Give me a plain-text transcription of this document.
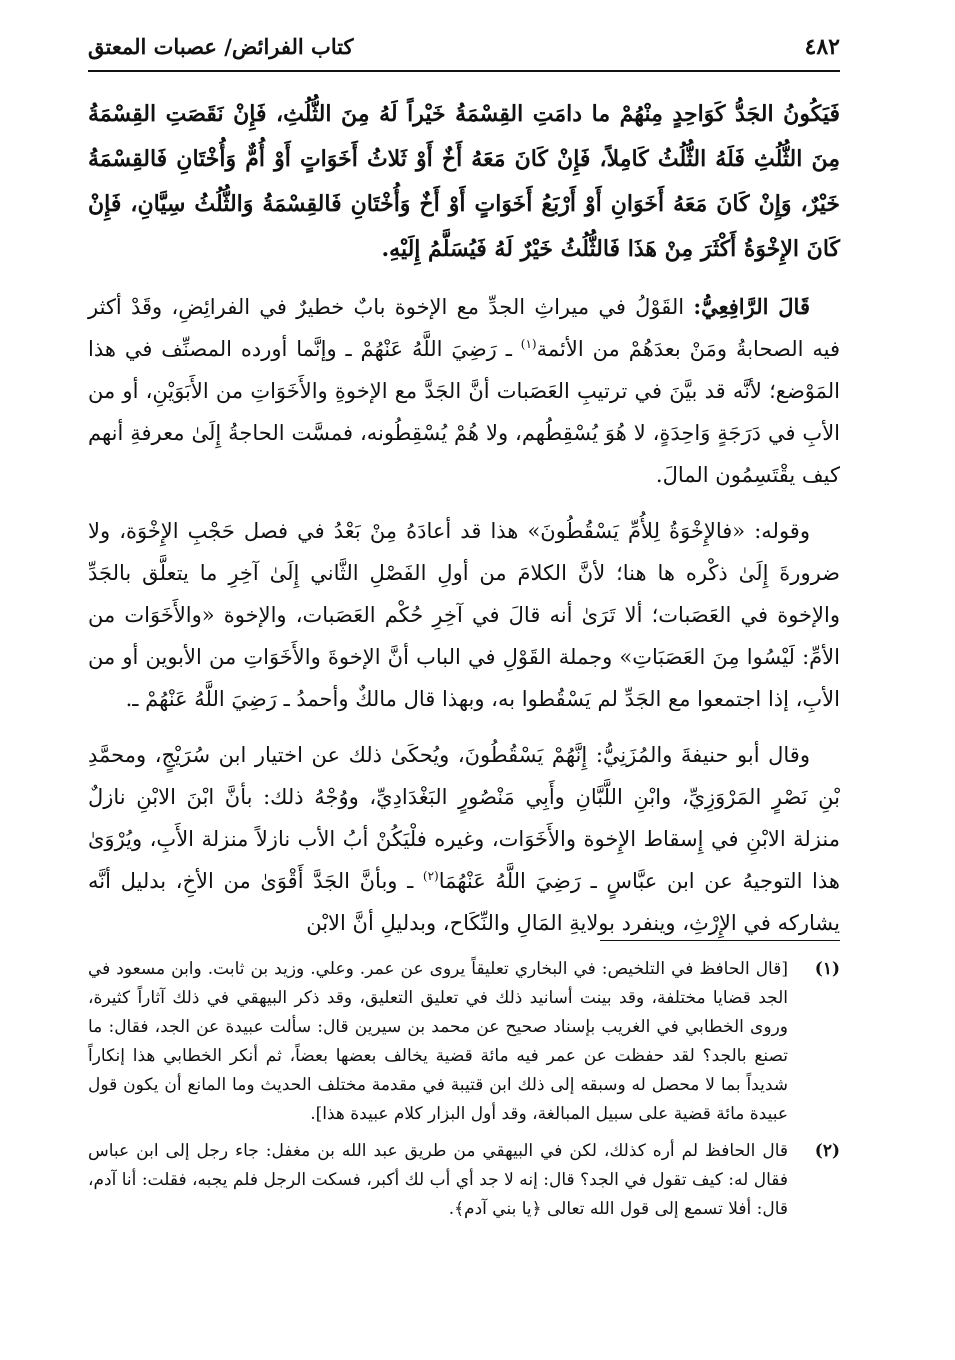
٤٨٢
كتاب الفرائض/ عصبات المعتق

فَيَكُونُ الجَدُّ كَوَاحِدٍ مِنْهُمْ ما دامَتِ القِسْمَةُ خَيْراً لَهُ مِنَ الثُّلُثِ، فَإِنْ نَقَصَتِ القِسْمَةُ مِنَ الثُّلُثِ فَلَهُ الثُّلُثُ كَامِلاً، فَإِنْ كَانَ مَعَهُ أَخٌ أَوْ ثَلاثُ أَخَوَاتٍ أَوْ أُمٌّ وَأُخْتَانِ فَالقِسْمَةُ خَيْرٌ، وَإِنْ كَانَ مَعَهُ أَخَوَانِ أَوْ أَرْبَعُ أَخَوَاتٍ أَوْ أَخٌ وَأُخْتَانِ فَالقِسْمَةُ وَالثُّلُثُ سِيَّانِ، فَإِنْ كَانَ الإِخْوَةُ أَكْثَرَ مِنْ هَذَا فَالثُّلُثُ خَيْرٌ لَهُ فَيُسَلَّمُ إِلَيْهِ.

قَالَ الرَّافِعِيُّ: القَوْلُ في ميراثِ الجدِّ مع الإخوة بابٌ خطيرٌ في الفرائِضِ، وقَدْ أكثر فيه الصحابةُ ومَنْ بعدَهُمْ من الأئمة$^{(١)}$ ـ رَضِيَ اللَّهُ عَنْهُمْ ـ وإنَّما أورده المصنِّف في هذا المَوْضع؛ لأنَّه قد بيَّنَ في ترتيبِ العَصَبات أنَّ الجَدَّ مع الإخوةِ والأَخَوَاتِ من الأَبَوَيْنِ، أو من الأبِ في دَرَجَةٍ وَاحِدَةٍ، لا هُوَ يُسْقِطُهم، ولا هُمْ يُسْقِطُونه، فمسَّت الحاجةُ إِلَىٰ معرفةِ أنهم كيف يقْتَسِمُون المالَ.

وقوله: «فالإِخْوَةُ لِلأُمِّ يَسْقُطُونَ» هذا قد أعادَهُ مِنْ بَعْدُ في فصل حَجْبِ الإِخْوَة، ولا ضرورةَ إِلَىٰ ذكْره ها هنا؛ لأنَّ الكلامَ من أولِ الفَصْلِ الثَّاني إِلَىٰ آخِرِ ما يتعلَّق بالجَدِّ والإخوة في العَصَبات؛ ألا تَرَىٰ أنه قالَ في آخِرِ حُكْم العَصَبات، والإخوة «والأَخَوَات من الأمِّ: لَيْسُوا مِنَ العَصَبَاتِ» وجملة القَوْلِ في الباب أنَّ الإخوةَ والأَخَوَاتِ من الأبوين أو من الأبِ، إذا اجتمعوا مع الجَدِّ لم يَسْقُطوا به، وبهذا قال مالكٌ وأحمدُ ـ رَضِيَ اللَّهُ عَنْهُمْ ـ.

وقال أبو حنيفةَ والمُزَنِيُّ: إِنَّهُمْ يَسْقُطُونَ، ويُحكَىٰ ذلك عن اختيار ابن سُرَيْجٍ، ومحمَّدِ بْنِ نَصْرٍ المَرْوَزِيِّ، وابْنِ اللَّبَّانِ وأَبِي مَنْصُورٍ البَغْدَادِيِّ، ووُجْهُ ذلك: بأنَّ ابْنَ الابْنِ نازلٌ منزلة الابْنِ في إِسقاط الإِخوة والأَخَوَات، وغيره فلْيَكُنْ أبُ الأب نازلاً منزلة الأَبِ، ويُرْوَىٰ هذا التوجيهُ عن ابن عبَّاسٍ ـ رَضِيَ اللَّهُ عَنْهُمَا$^{(٢)}$ ـ وبأنَّ الجَدَّ أَقْوَىٰ من الأخِ، بدليل أنَّه يشاركه في الإِرْثِ، وينفرد بولايةِ المَالِ والنِّكَاح، وبدليلِ أنَّ الابْن

(١)
[قال الحافظ في التلخيص: في البخاري تعليقاً يروى عن عمر. وعلي. وزيد بن ثابت. وابن مسعود في الجد قضايا مختلفة، وقد بينت أسانيد ذلك في تعليق التعليق، وقد ذكر البيهقي في ذلك آثاراً كثيرة، وروى الخطابي في الغريب بإسناد صحيح عن محمد بن سيرين قال: سألت عبيدة عن الجد، فقال: ما تصنع بالجد؟ لقد حفظت عن عمر فيه مائة قضية يخالف بعضها بعضاً، ثم أنكر الخطابي هذا إنكاراً شديداً بما لا محصل له وسبقه إلى ذلك ابن قتيبة في مقدمة مختلف الحديث وما المانع أن يكون قول عبيدة مائة قضية على سبيل المبالغة، وقد أول البزار كلام عبيدة هذا].
(٢)
قال الحافظ لم أره كذلك، لكن في البيهقي من طريق عبد الله بن مغفل: جاء رجل إلى ابن عباس فقال له: كيف تقول في الجد؟ قال: إنه لا جد أي أب لك أكبر، فسكت الرجل فلم يجبه، فقلت: أنا آدم، قال: أفلا تسمع إلى قول الله تعالى ﴿يا بني آدم﴾.
